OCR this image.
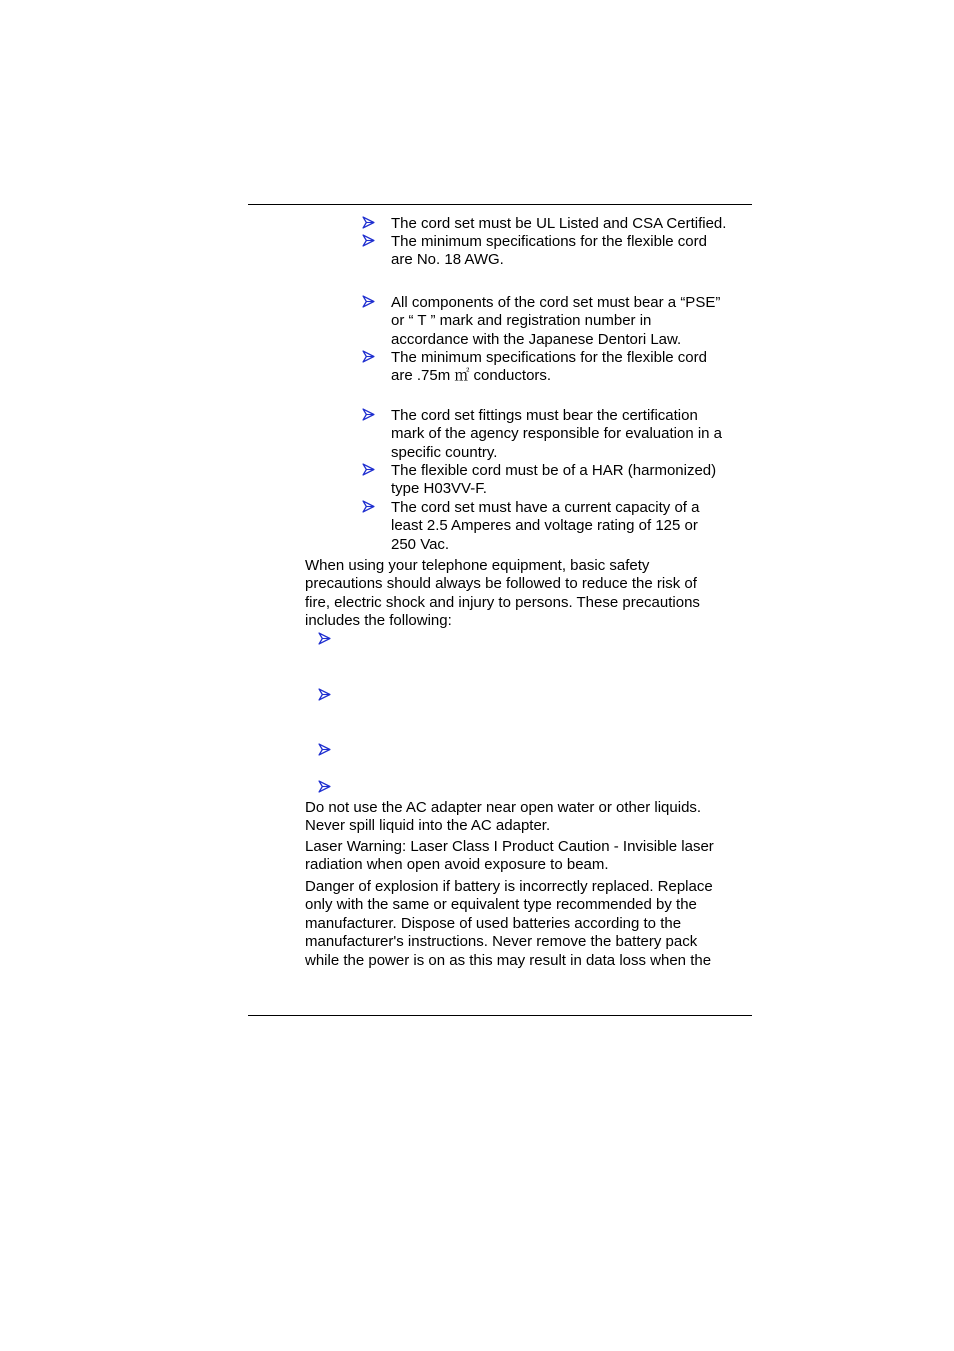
The cord set must be UL Listed and CSA Certified.
The minimum specifications for the flexible cord
are No. 18 AWG.
All components of the cord set must bear a “PSE”
or “ T ” mark and registration number in
accordance with the Japanese Dentori Law.
The minimum specifications for the flexible cord
are .75m ㎡ conductors.
The cord set fittings must bear the certification
mark of the agency responsible for evaluation in a
specific country.
The flexible cord must be of a HAR (harmonized)
type H03VV-F.
The cord set must have a current capacity of a
least 2.5 Amperes and voltage rating of 125 or
250 Vac.
When using your telephone equipment, basic safety
precautions should always be followed to reduce the risk of
fire, electric shock and injury to persons. These precautions
includes the following:
Do not use the AC adapter near open water or other liquids.
Never spill liquid into the AC adapter.
Laser Warning: Laser Class I Product Caution - Invisible laser
radiation when open avoid exposure to beam.
Danger of explosion if battery is incorrectly replaced. Replace
only with the same or equivalent type recommended by the
manufacturer. Dispose of used batteries according to the
manufacturer's instructions. Never remove the battery pack
while the power is on as this may result in data loss when the
